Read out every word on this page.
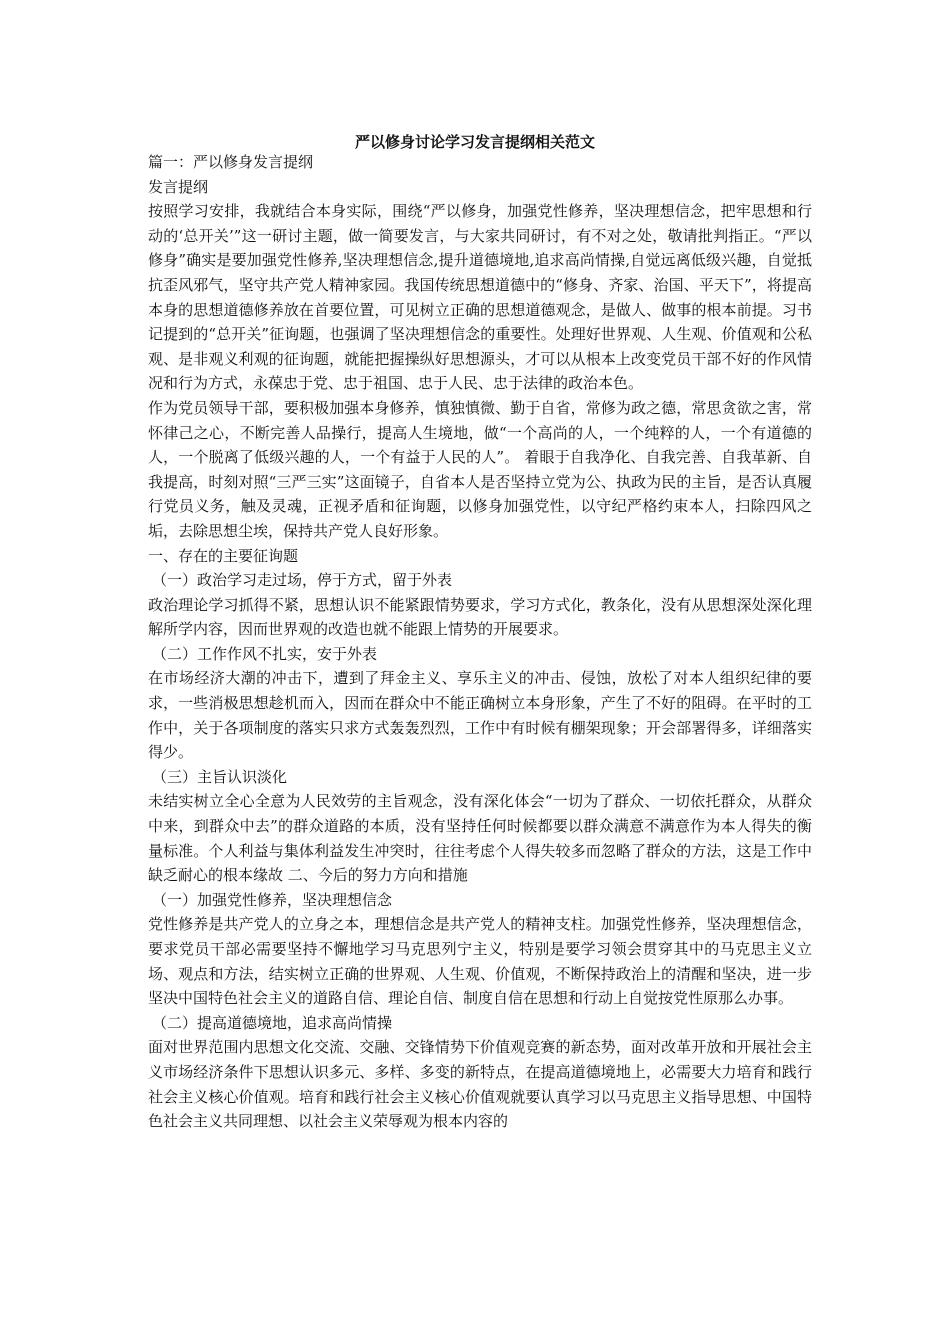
严以修身讨论学习发言提纲相关范文

篇一：严以修身发言提纲

发言提纲

按照学习安排，我就结合本身实际，围绕“严以修身，加强党性修养，坚决理想信念，把牢思想和行动的‘总开关’”这一研讨主题，做一简要发言，与大家共同研讨，有不对之处，敬请批判指正。“严以修身”确实是要加强党性修养,坚决理想信念,提升道德境地,追求高尚情操,自觉远离低级兴趣，自觉抵抗歪风邪气，坚守共产党人精神家园。我国传统思想道德中的“修身、齐家、治国、平天下”，将提高本身的思想道德修养放在首要位置，可见树立正确的思想道德观念，是做人、做事的根本前提。习书记提到的“总开关”征询题，也强调了坚决理想信念的重要性。处理好世界观、人生观、价值观和公私观、是非观义利观的征询题，就能把握操纵好思想源头，才可以从根本上改变党员干部不好的作风情况和行为方式，永葆忠于党、忠于祖国、忠于人民、忠于法律的政治本色。

作为党员领导干部，要积极加强本身修养，慎独慎微、勤于自省，常修为政之德，常思贪欲之害，常怀律己之心，不断完善人品操行，提高人生境地，做“一个高尚的人，一个纯粹的人，一个有道德的人，一个脱离了低级兴趣的人，一个有益于人民的人”。 着眼于自我净化、自我完善、自我革新、自我提高，时刻对照“三严三实”这面镜子，自省本人是否坚持立党为公、执政为民的主旨，是否认真履行党员义务，触及灵魂，正视矛盾和征询题，以修身加强党性，以守纪严格约束本人，扫除四风之垢，去除思想尘埃，保持共产党人良好形象。

一、存在的主要征询题

（一）政治学习走过场，停于方式，留于外表

政治理论学习抓得不紧，思想认识不能紧跟情势要求，学习方式化，教条化，没有从思想深处深化理解所学内容，因而世界观的改造也就不能跟上情势的开展要求。

（二）工作作风不扎实，安于外表

在市场经济大潮的冲击下，遭到了拜金主义、享乐主义的冲击、侵蚀，放松了对本人组织纪律的要求，一些消极思想趁机而入，因而在群众中不能正确树立本身形象，产生了不好的阻碍。在平时的工作中，关于各项制度的落实只求方式轰轰烈烈，工作中有时候有棚架现象；开会部署得多，详细落实得少。

（三）主旨认识淡化

未结实树立全心全意为人民效劳的主旨观念，没有深化体会“一切为了群众、一切依托群众，从群众中来，到群众中去”的群众道路的本质，没有坚持任何时候都要以群众满意不满意作为本人得失的衡量标准。个人利益与集体利益发生冲突时，往往考虑个人得失较多而忽略了群众的方法，这是工作中缺乏耐心的根本缘故 二、今后的努力方向和措施

（一）加强党性修养，坚决理想信念

党性修养是共产党人的立身之本，理想信念是共产党人的精神支柱。加强党性修养，坚决理想信念，要求党员干部必需要坚持不懈地学习马克思列宁主义，特别是要学习领会贯穿其中的马克思主义立场、观点和方法，结实树立正确的世界观、人生观、价值观，不断保持政治上的清醒和坚决，进一步坚决中国特色社会主义的道路自信、理论自信、制度自信在思想和行动上自觉按党性原那么办事。

（二）提高道德境地，追求高尚情操

面对世界范围内思想文化交流、交融、交锋情势下价值观竞赛的新态势，面对改革开放和开展社会主义市场经济条件下思想认识多元、多样、多变的新特点，在提高道德境地上，必需要大力培育和践行社会主义核心价值观。培育和践行社会主义核心价值观就要认真学习以马克思主义指导思想、中国特色社会主义共同理想、以社会主义荣辱观为根本内容的
